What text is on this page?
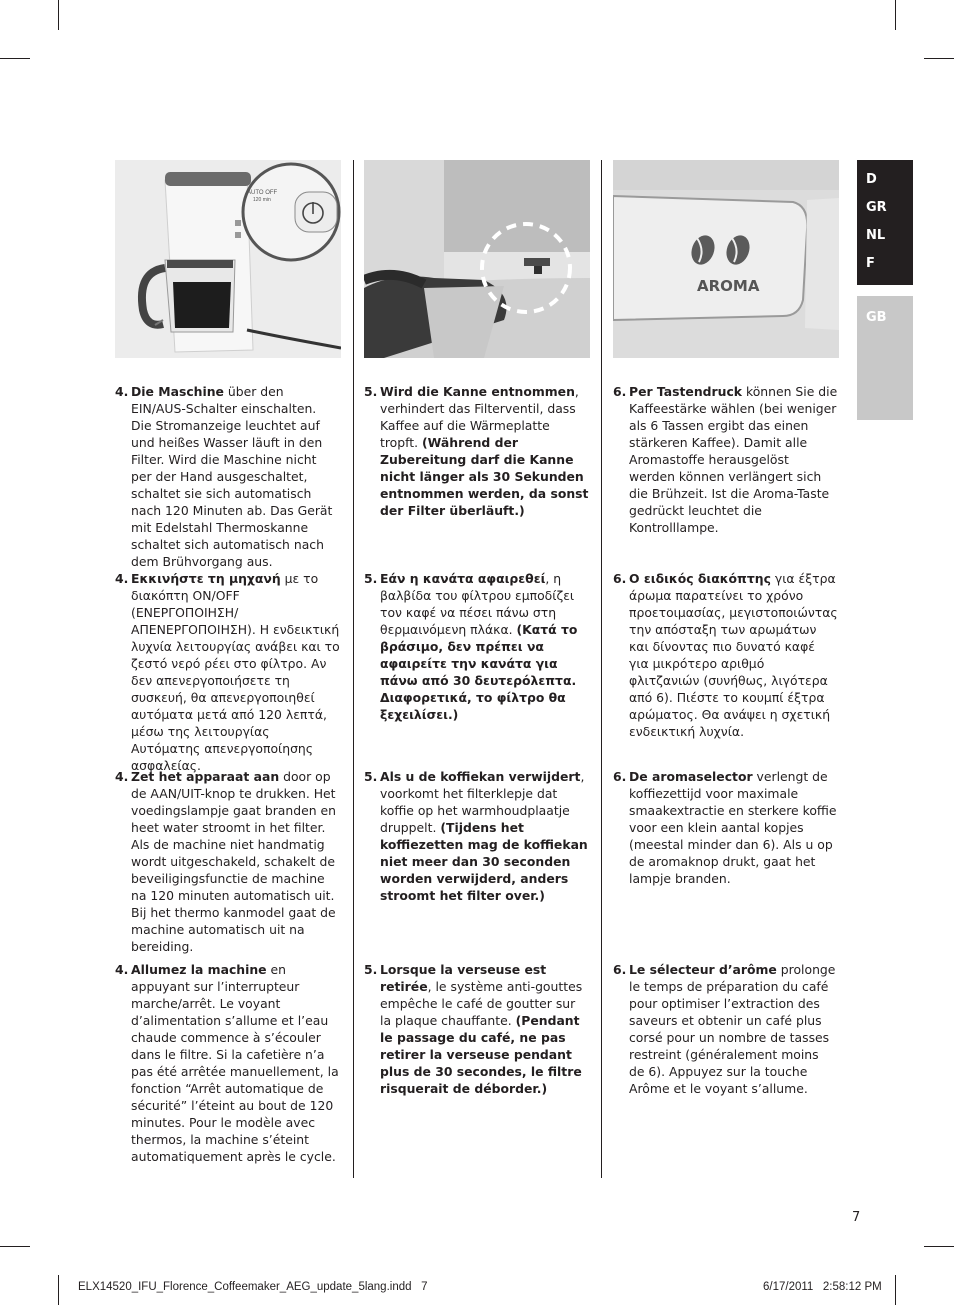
AUTO OFF
120 min
AROMA
D
GR
NL
F
GB
4. Die Maschine über den EIN/AUS-Schalter einschalten. Die Stromanzeige leuchtet auf und heißes Wasser läuft in den Filter. Wird die Maschine nicht per der Hand ausgeschaltet, schaltet sie sich automatisch nach 120 Minuten ab. Das Gerät mit Edelstahl Thermoskanne schaltet sich automatisch nach dem Brühvorgang aus.
5. Wird die Kanne entnommen, verhindert das Filterventil, dass Kaffee auf die Wärmeplatte tropft. (Während der Zubereitung darf die Kanne nicht länger als 30 Sekunden entnommen werden, da sonst der Filter überläuft.)
6. Per Tastendruck können Sie die Kaffeestärke wählen (bei weniger als 6 Tassen ergibt das einen stärkeren Kaffee). Damit alle Aromastoffe herausgelöst werden können verlängert sich die Brühzeit. Ist die Aroma-Taste gedrückt leuchtet die Kontrolllampe.
4. Εκκινήστε τη μηχανή με το διακόπτη ON/OFF (ΕΝΕΡΓΟΠΟΙΗΣΗ/ΑΠΕΝΕΡΓΟΠΟΙΗΣΗ). Η ενδεικτική λυχνία λειτουργίας ανάβει και το ζεστό νερό ρέει στο φίλτρο. Αν δεν απενεργοποιήσετε τη συσκευή, θα απενεργοποιηθεί αυτόματα μετά από 120 λεπτά, μέσω της λειτουργίας Αυτόματης απενεργοποίησης ασφαλείας.
5. Εάν η κανάτα αφαιρεθεί, η βαλβίδα του φίλτρου εμποδίζει τον καφέ να πέσει πάνω στη θερμαινόμενη πλάκα. (Κατά το βράσιμο, δεν πρέπει να αφαιρείτε την κανάτα για πάνω από 30 δευτερόλεπτα. Διαφορετικά, το φίλτρο θα ξεχειλίσει.)
6. Ο ειδικός διακόπτης για έξτρα άρωμα παρατείνει το χρόνο προετοιμασίας, μεγιστοποιώντας την απόσταξη των αρωμάτων και δίνοντας πιο δυνατό καφέ για μικρότερο αριθμό φλιτζανιών (συνήθως, λιγότερα από 6). Πιέστε το κουμπί έξτρα αρώματος. Θα ανάψει η σχετική ενδεικτική λυχνία.
4. Zet het apparaat aan door op de AAN/UIT-knop te drukken. Het voedingslampje gaat branden en heet water stroomt in het filter. Als de machine niet handmatig wordt uitgeschakeld, schakelt de beveiligingsfunctie de machine na 120 minuten automatisch uit. Bij het thermo kanmodel gaat de machine automatisch uit na bereiding.
5. Als u de koffiekan verwijdert, voorkomt het filterklepje dat koffie op het warmhoudplaatje druppelt. (Tijdens het koffiezetten mag de koffiekan niet meer dan 30 seconden worden verwijderd, anders stroomt het filter over.)
6. De aromaselector verlengt de koffiezettijd voor maximale smaakextractie en sterkere koffie voor een klein aantal kopjes (meestal minder dan 6). Als u op de aromaknop drukt, gaat het lampje branden.
4. Allumez la machine en appuyant sur l’interrupteur marche/arrêt. Le voyant d’alimentation s’allume et l’eau chaude commence à s’écouler dans le filtre. Si la cafetière n’a pas été arrêtée manuellement, la fonction “Arrêt automatique de sécurité” l’éteint au bout de 120 minutes. Pour le modèle avec thermos, la machine s’éteint automatiquement après le cycle.
5. Lorsque la verseuse est retirée, le système anti-gouttes empêche le café de goutter sur la plaque chauffante. (Pendant le passage du café, ne pas retirer la verseuse pendant plus de 30 secondes, le filtre risquerait de déborder.)
6. Le sélecteur d’arôme prolonge le temps de préparation du café pour optimiser l’extraction des saveurs et obtenir un café plus corsé pour un nombre de tasses restreint (généralement moins de 6). Appuyez sur la touche Arôme et le voyant s’allume.
7
ELX14520_IFU_Florence_Coffeemaker_AEG_update_5lang.indd   7	6/17/2011   2:58:12 PM
